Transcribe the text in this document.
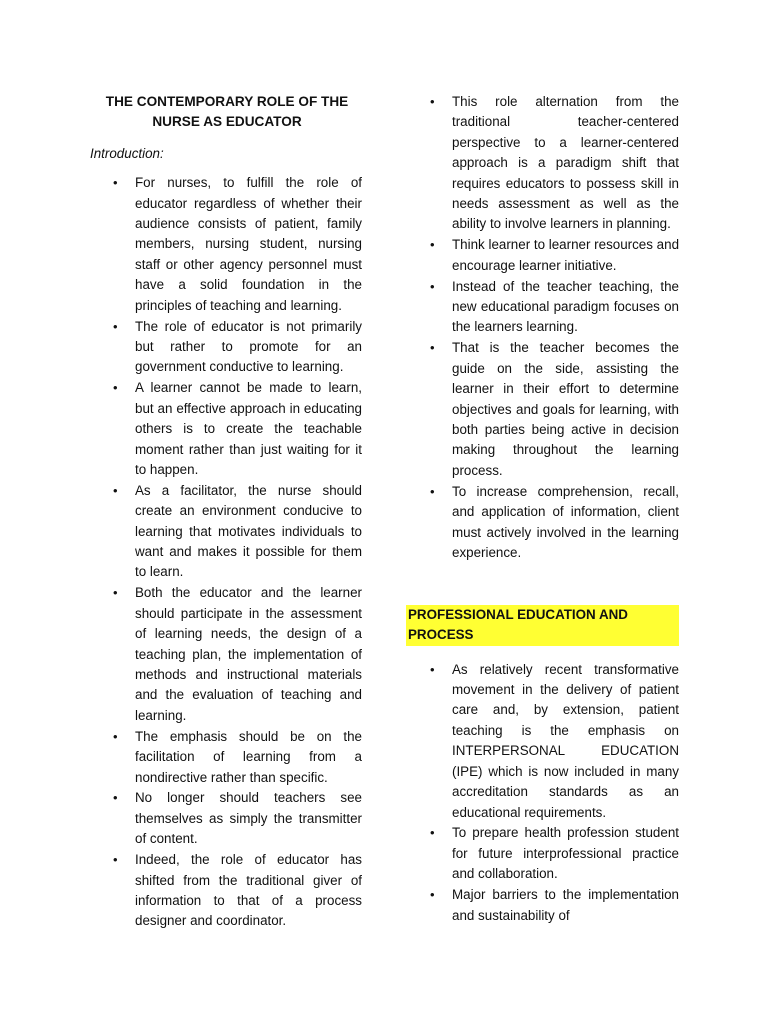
THE CONTEMPORARY ROLE OF THE NURSE AS EDUCATOR
Introduction:
• For nurses, to fulfill the role of educator regardless of whether their audience consists of patient, family members, nursing student, nursing staff or other agency personnel must have a solid foundation in the principles of teaching and learning.
• The role of educator is not primarily but rather to promote for an government conductive to learning.
• A learner cannot be made to learn, but an effective approach in educating others is to create the teachable moment rather than just waiting for it to happen.
• As a facilitator, the nurse should create an environment conducive to learning that motivates individuals to want and makes it possible for them to learn.
• Both the educator and the learner should participate in the assessment of learning needs, the design of a teaching plan, the implementation of methods and instructional materials and the evaluation of teaching and learning.
• The emphasis should be on the facilitation of learning from a nondirective rather than specific.
• No longer should teachers see themselves as simply the transmitter of content.
• Indeed, the role of educator has shifted from the traditional giver of information to that of a process designer and coordinator.
• This role alternation from the traditional teacher-centered perspective to a learner-centered approach is a paradigm shift that requires educators to possess skill in needs assessment as well as the ability to involve learners in planning.
• Think learner to learner resources and encourage learner initiative.
• Instead of the teacher teaching, the new educational paradigm focuses on the learners learning.
• That is the teacher becomes the guide on the side, assisting the learner in their effort to determine objectives and goals for learning, with both parties being active in decision making throughout the learning process.
• To increase comprehension, recall, and application of information, client must actively involved in the learning experience.
PROFESSIONAL EDUCATION AND PROCESS
• As relatively recent transformative movement in the delivery of patient care and, by extension, patient teaching is the emphasis on INTERPERSONAL EDUCATION (IPE) which is now included in many accreditation standards as an educational requirements.
• To prepare health profession student for future interprofessional practice and collaboration.
• Major barriers to the implementation and sustainability of
